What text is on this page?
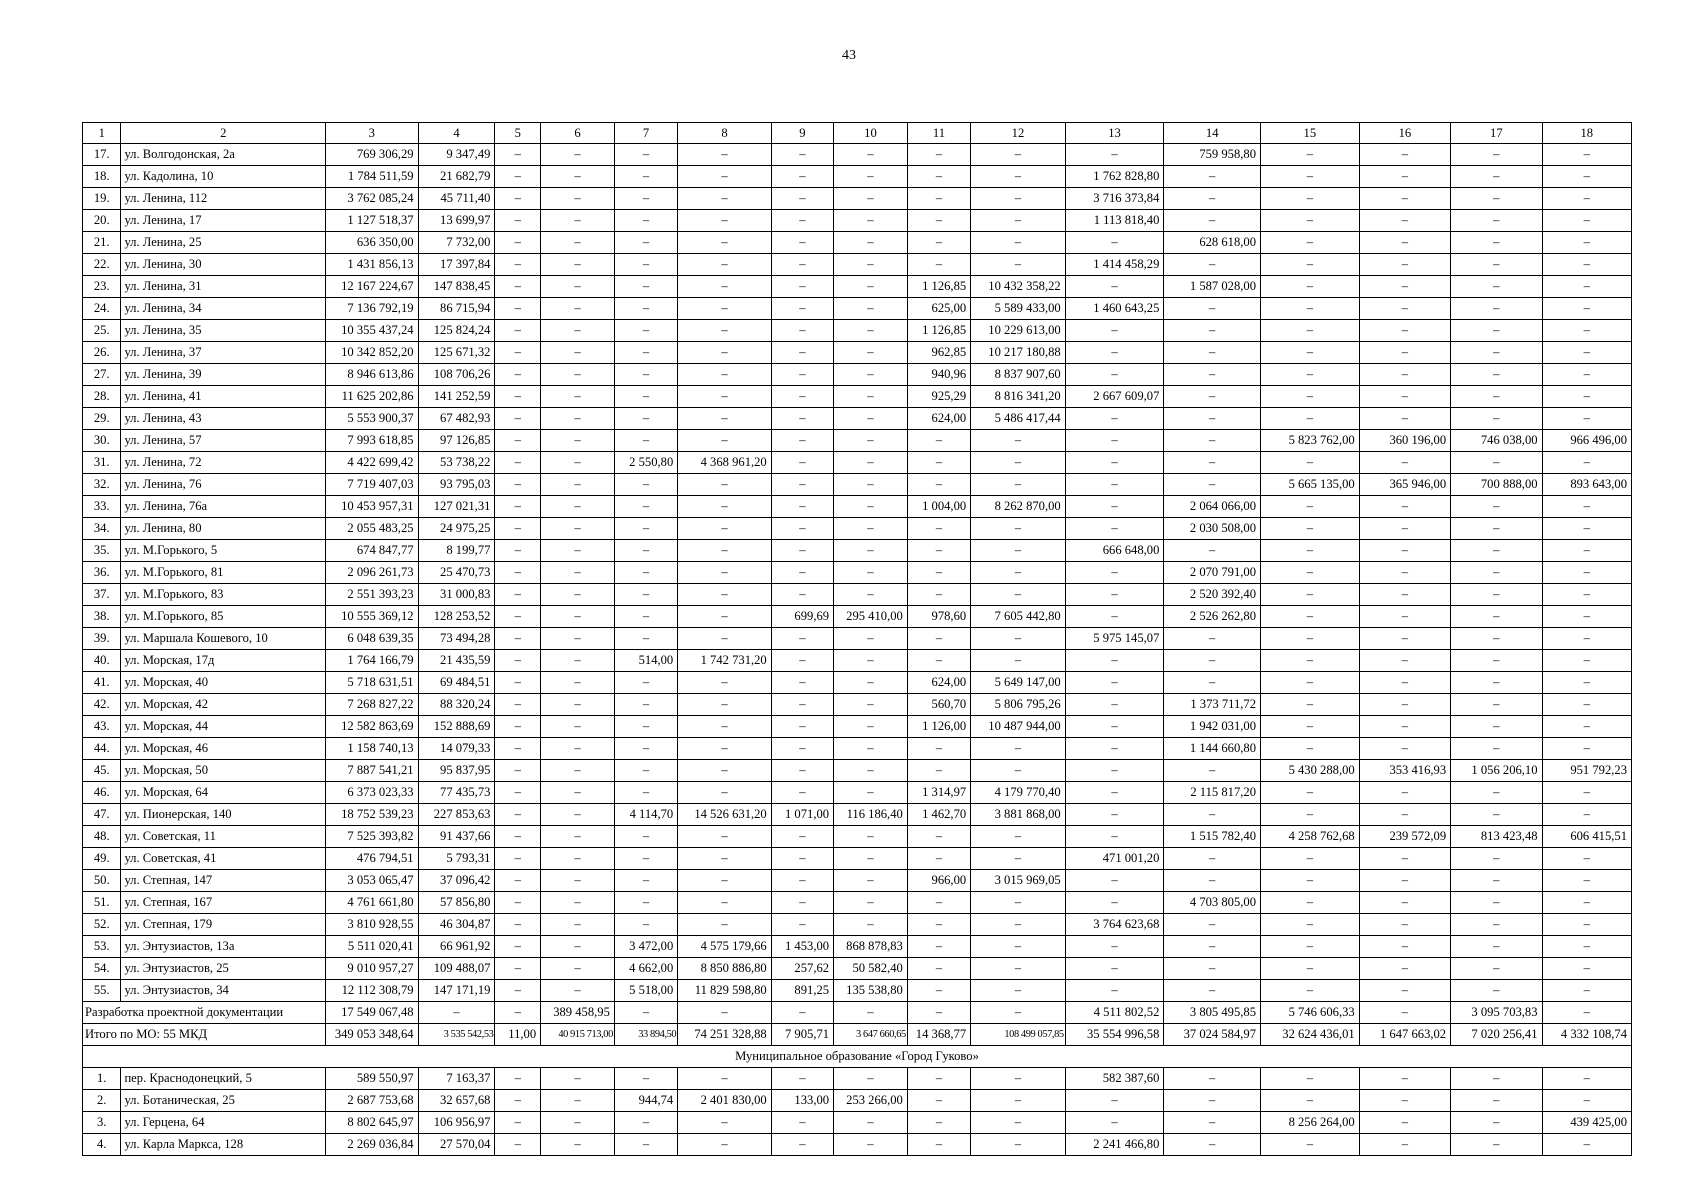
43
1	2	3	4	5	6	7	8	9	10	11	12	13	14	15	16	17	18
17.	ул. Волгодонская, 2а	769 306,29	9 347,49	–	–	–	–	–	–	–	–	–	759 958,80	–	–	–	–
18.	ул. Кадолина, 10	1 784 511,59	21 682,79	–	–	–	–	–	–	–	–	1 762 828,80	–	–	–	–	–
19.	ул. Ленина, 112	3 762 085,24	45 711,40	–	–	–	–	–	–	–	–	3 716 373,84	–	–	–	–	–
20.	ул. Ленина, 17	1 127 518,37	13 699,97	–	–	–	–	–	–	–	–	1 113 818,40	–	–	–	–	–
21.	ул. Ленина, 25	636 350,00	7 732,00	–	–	–	–	–	–	–	–	–	628 618,00	–	–	–	–
22.	ул. Ленина, 30	1 431 856,13	17 397,84	–	–	–	–	–	–	–	–	1 414 458,29	–	–	–	–	–
23.	ул. Ленина, 31	12 167 224,67	147 838,45	–	–	–	–	–	–	1 126,85	10 432 358,22	–	1 587 028,00	–	–	–	–
24.	ул. Ленина, 34	7 136 792,19	86 715,94	–	–	–	–	–	–	625,00	5 589 433,00	1 460 643,25	–	–	–	–	–
25.	ул. Ленина, 35	10 355 437,24	125 824,24	–	–	–	–	–	–	1 126,85	10 229 613,00	–	–	–	–	–	–
26.	ул. Ленина, 37	10 342 852,20	125 671,32	–	–	–	–	–	–	962,85	10 217 180,88	–	–	–	–	–	–
27.	ул. Ленина, 39	8 946 613,86	108 706,26	–	–	–	–	–	–	940,96	8 837 907,60	–	–	–	–	–	–
28.	ул. Ленина, 41	11 625 202,86	141 252,59	–	–	–	–	–	–	925,29	8 816 341,20	2 667 609,07	–	–	–	–	–
29.	ул. Ленина, 43	5 553 900,37	67 482,93	–	–	–	–	–	–	624,00	5 486 417,44	–	–	–	–	–	–
30.	ул. Ленина, 57	7 993 618,85	97 126,85	–	–	–	–	–	–	–	–	–	–	5 823 762,00	360 196,00	746 038,00	966 496,00
31.	ул. Ленина, 72	4 422 699,42	53 738,22	–	–	2 550,80	4 368 961,20	–	–	–	–	–	–	–	–	–	–
32.	ул. Ленина, 76	7 719 407,03	93 795,03	–	–	–	–	–	–	–	–	–	–	5 665 135,00	365 946,00	700 888,00	893 643,00
33.	ул. Ленина, 76а	10 453 957,31	127 021,31	–	–	–	–	–	–	1 004,00	8 262 870,00	–	2 064 066,00	–	–	–	–
34.	ул. Ленина, 80	2 055 483,25	24 975,25	–	–	–	–	–	–	–	–	–	2 030 508,00	–	–	–	–
35.	ул. М.Горького, 5	674 847,77	8 199,77	–	–	–	–	–	–	–	–	666 648,00	–	–	–	–	–
36.	ул. М.Горького, 81	2 096 261,73	25 470,73	–	–	–	–	–	–	–	–	–	2 070 791,00	–	–	–	–
37.	ул. М.Горького, 83	2 551 393,23	31 000,83	–	–	–	–	–	–	–	–	–	2 520 392,40	–	–	–	–
38.	ул. М.Горького, 85	10 555 369,12	128 253,52	–	–	–	–	699,69	295 410,00	978,60	7 605 442,80	–	2 526 262,80	–	–	–	–
39.	ул. Маршала Кошевого, 10	6 048 639,35	73 494,28	–	–	–	–	–	–	–	–	5 975 145,07	–	–	–	–	–
40.	ул. Морская, 17д	1 764 166,79	21 435,59	–	–	514,00	1 742 731,20	–	–	–	–	–	–	–	–	–	–
41.	ул. Морская, 40	5 718 631,51	69 484,51	–	–	–	–	–	–	624,00	5 649 147,00	–	–	–	–	–	–
42.	ул. Морская, 42	7 268 827,22	88 320,24	–	–	–	–	–	–	560,70	5 806 795,26	–	1 373 711,72	–	–	–	–
43.	ул. Морская, 44	12 582 863,69	152 888,69	–	–	–	–	–	–	1 126,00	10 487 944,00	–	1 942 031,00	–	–	–	–
44.	ул. Морская, 46	1 158 740,13	14 079,33	–	–	–	–	–	–	–	–	–	1 144 660,80	–	–	–	–
45.	ул. Морская, 50	7 887 541,21	95 837,95	–	–	–	–	–	–	–	–	–	–	5 430 288,00	353 416,93	1 056 206,10	951 792,23
46.	ул. Морская, 64	6 373 023,33	77 435,73	–	–	–	–	–	–	1 314,97	4 179 770,40	–	2 115 817,20	–	–	–	–
47.	ул. Пионерская, 140	18 752 539,23	227 853,63	–	–	4 114,70	14 526 631,20	1 071,00	116 186,40	1 462,70	3 881 868,00	–	–	–	–	–	–
48.	ул. Советская, 11	7 525 393,82	91 437,66	–	–	–	–	–	–	–	–	–	1 515 782,40	4 258 762,68	239 572,09	813 423,48	606 415,51
49.	ул. Советская, 41	476 794,51	5 793,31	–	–	–	–	–	–	–	–	471 001,20	–	–	–	–	–
50.	ул. Степная, 147	3 053 065,47	37 096,42	–	–	–	–	–	–	966,00	3 015 969,05	–	–	–	–	–	–
51.	ул. Степная, 167	4 761 661,80	57 856,80	–	–	–	–	–	–	–	–	–	4 703 805,00	–	–	–	–
52.	ул. Степная, 179	3 810 928,55	46 304,87	–	–	–	–	–	–	–	–	3 764 623,68	–	–	–	–	–
53.	ул. Энтузиастов, 13а	5 511 020,41	66 961,92	–	–	3 472,00	4 575 179,66	1 453,00	868 878,83	–	–	–	–	–	–	–	–
54.	ул. Энтузиастов, 25	9 010 957,27	109 488,07	–	–	4 662,00	8 850 886,80	257,62	50 582,40	–	–	–	–	–	–	–	–
55.	ул. Энтузиастов, 34	12 112 308,79	147 171,19	–	–	5 518,00	11 829 598,80	891,25	135 538,80	–	–	–	–	–	–	–	–
Разработка проектной документации		17 549 067,48	–	–	389 458,95	–	–	–	–	–	–	4 511 802,52	3 805 495,85	5 746 606,33	–	3 095 703,83	–
Итого по МО: 55 МКД		349 053 348,64	3 535 542,53	11,00	40 915 713,00	33 894,50	74 251 328,88	7 905,71	3 647 660,65	14 368,77	108 499 057,85	35 554 996,58	37 024 584,97	32 624 436,01	1 647 663,02	7 020 256,41	4 332 108,74
Муниципальное образование «Город Гуково»																	
1.	пер. Краснодонецкий, 5	589 550,97	7 163,37	–	–	–	–	–	–	–	–	582 387,60	–	–	–	–	–
2.	ул. Ботаническая, 25	2 687 753,68	32 657,68	–	–	944,74	2 401 830,00	133,00	253 266,00	–	–	–	–	–	–	–	–
3.	ул. Герцена, 64	8 802 645,97	106 956,97	–	–	–	–	–	–	–	–	–	–	8 256 264,00	–	–	439 425,00
4.	ул. Карла Маркса, 128	2 269 036,84	27 570,04	–	–	–	–	–	–	–	–	2 241 466,80	–	–	–	–	–
